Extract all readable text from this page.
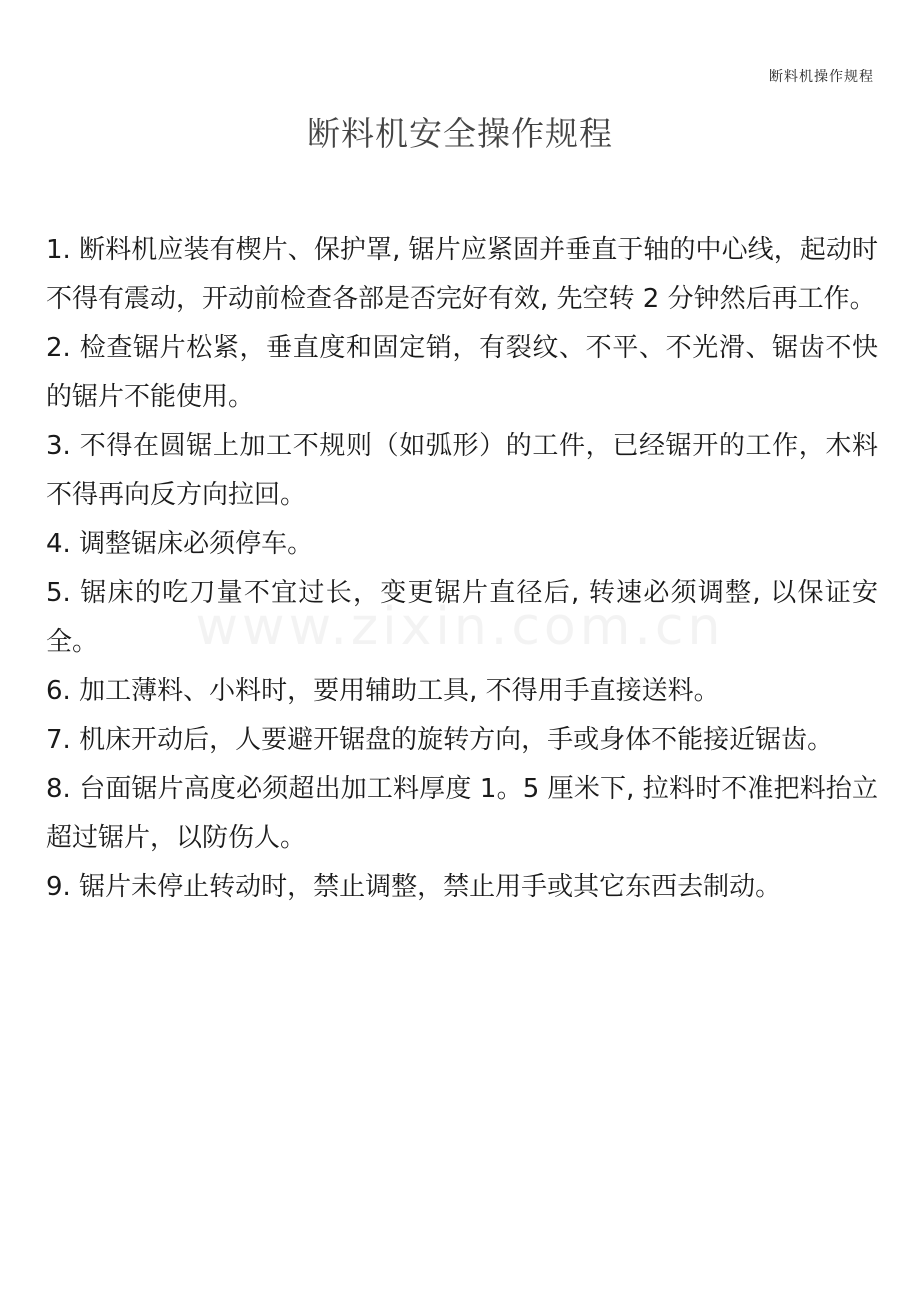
断料机操作规程
断料机安全操作规程
www.zixin.com.cn

1. 断料机应装有楔片、保护罩, 锯片应紧固并垂直于轴的中心线，起动时不得有震动，开动前检查各部是否完好有效, 先空转 2 分钟然后再工作。

2. 检查锯片松紧，垂直度和固定销，有裂纹、不平、不光滑、锯齿不快的锯片不能使用。

3. 不得在圆锯上加工不规则（如弧形）的工件，已经锯开的工作，木料不得再向反方向拉回。

4. 调整锯床必须停车。

5. 锯床的吃刀量不宜过长，变更锯片直径后, 转速必须调整, 以保证安全。

6. 加工薄料、小料时，要用辅助工具, 不得用手直接送料。

7. 机床开动后，人要避开锯盘的旋转方向，手或身体不能接近锯齿。

8. 台面锯片高度必须超出加工料厚度 1。5 厘米下, 拉料时不准把料抬立超过锯片，以防伤人。

9. 锯片未停止转动时，禁止调整，禁止用手或其它东西去制动。
